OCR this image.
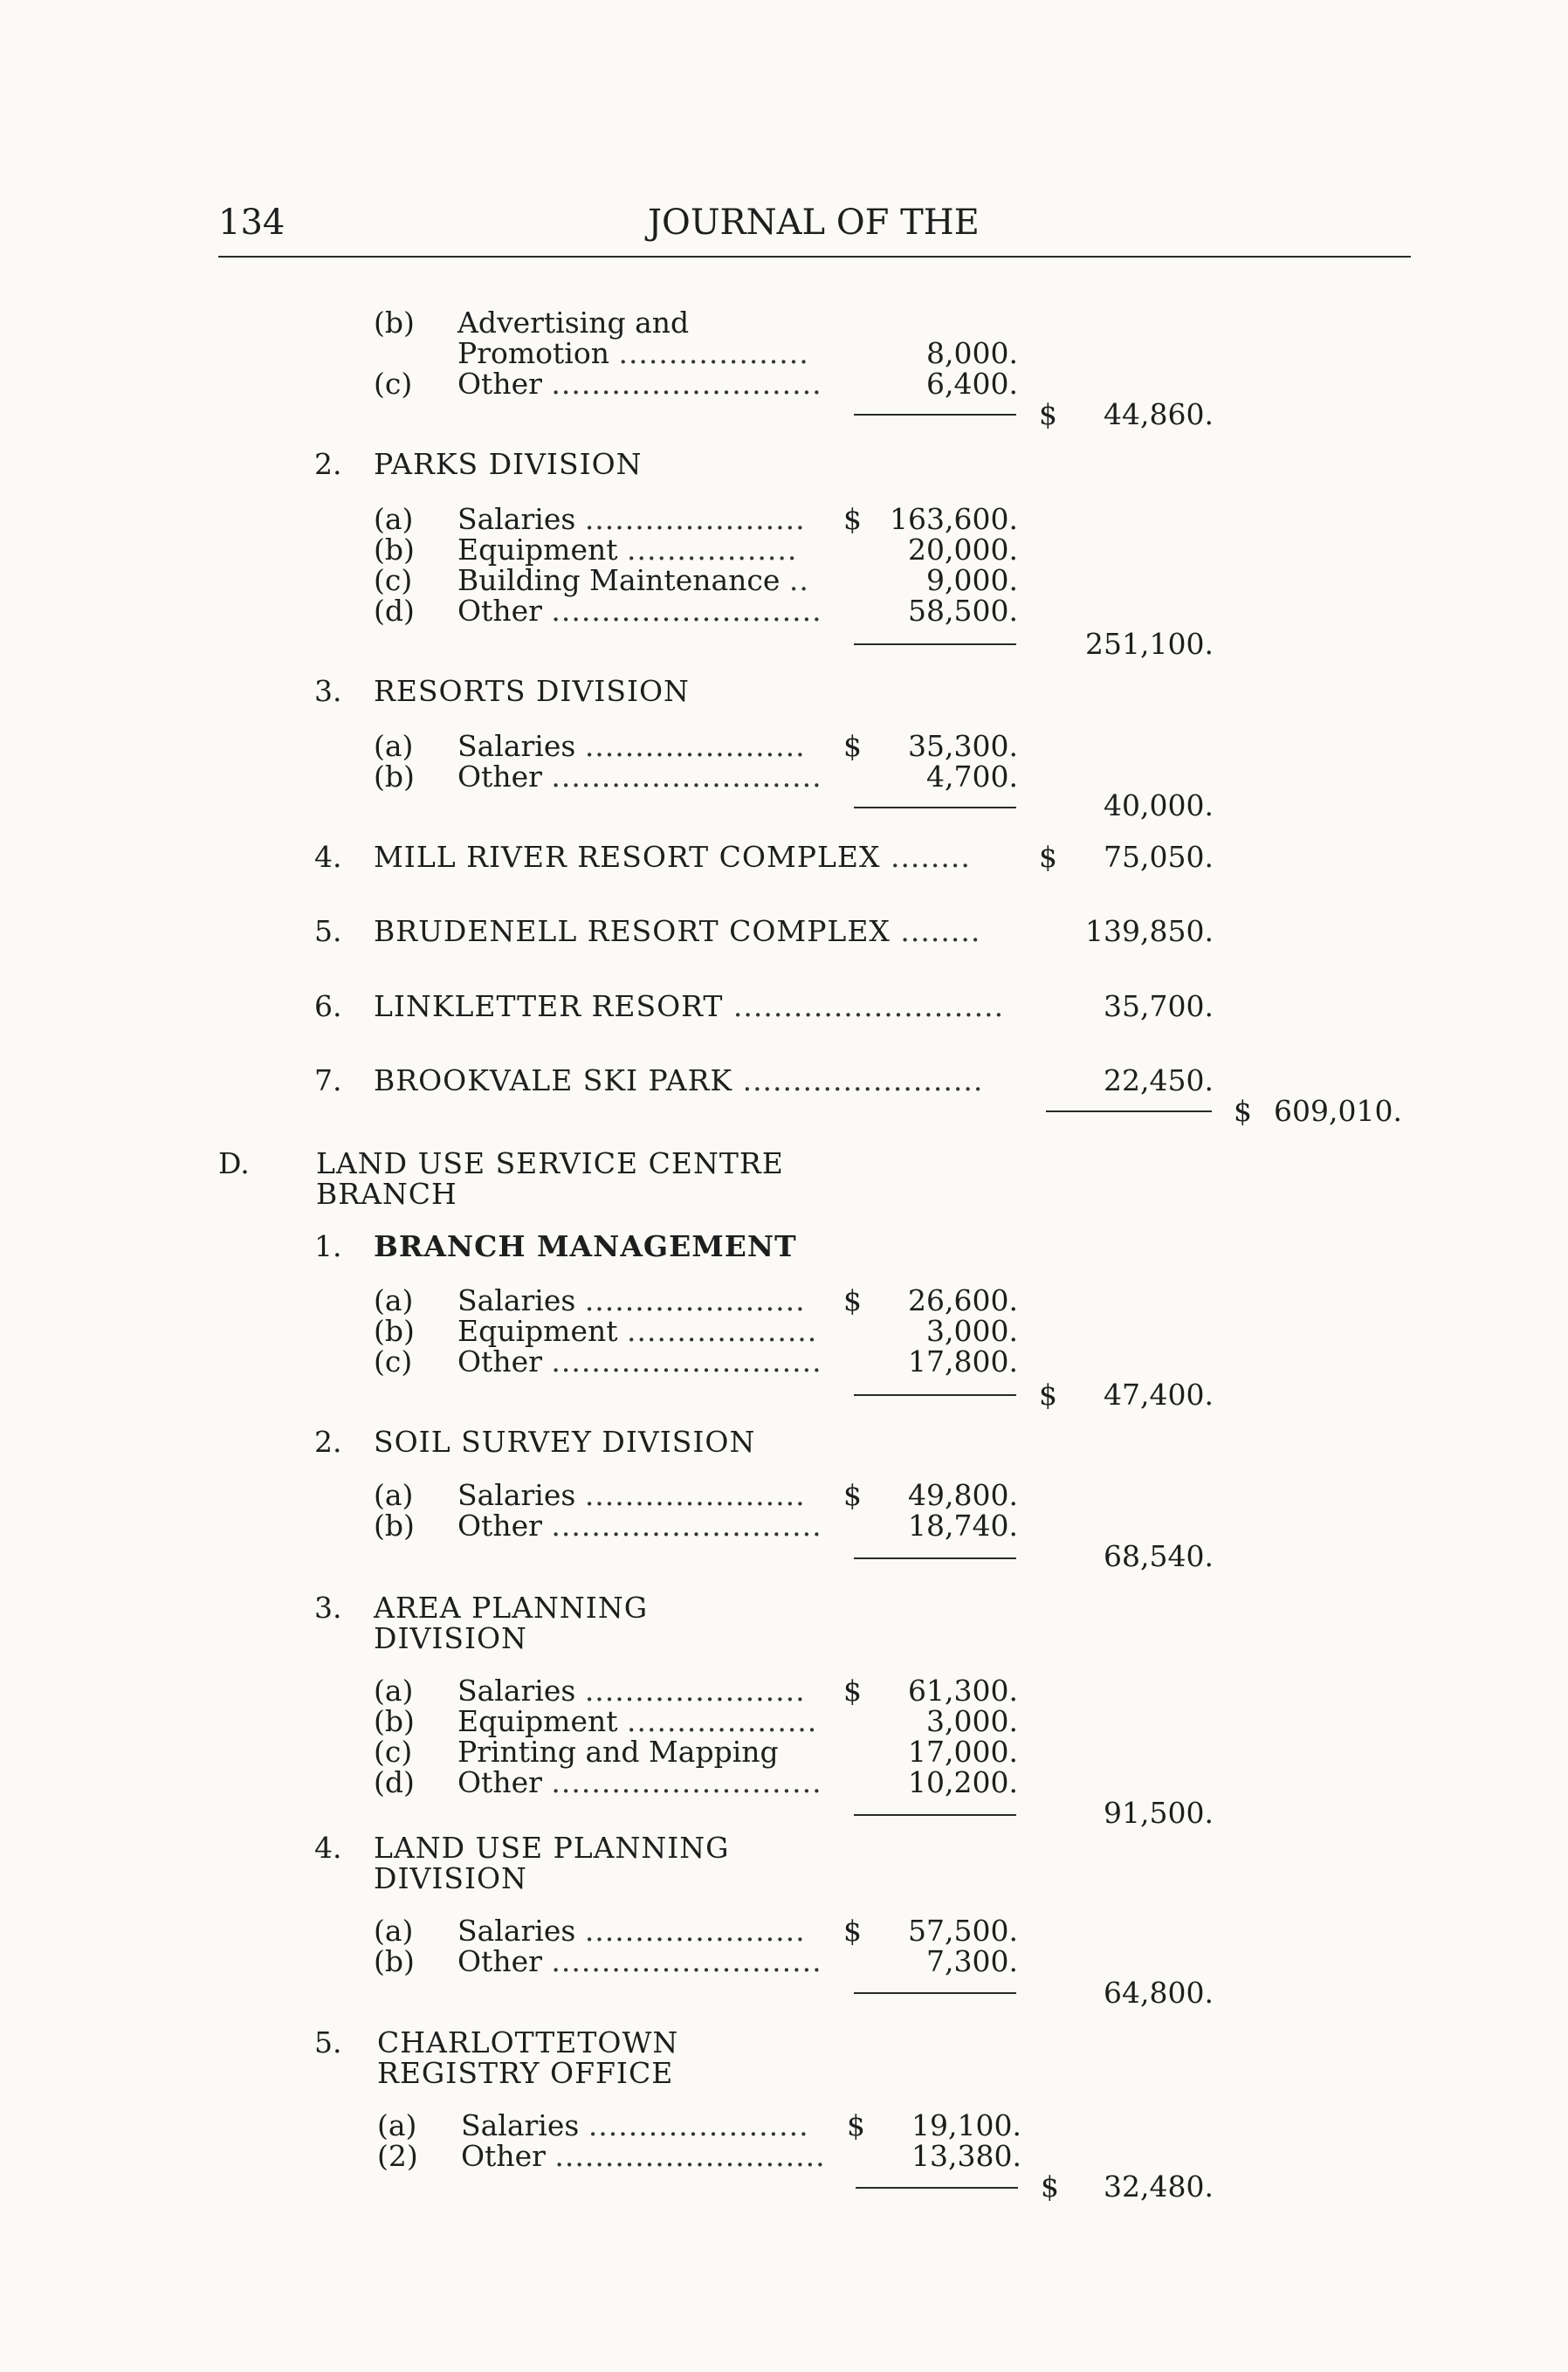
134	JOURNAL OF THE
(b) Advertising and
Promotion ...................	8,000.
(c) Other ...........................	6,400.
$	44,860.
2. PARKS DIVISION
(a) Salaries ...................... $ 163,600.
(b) Equipment .................	20,000.
(c) Building Maintenance ..	9,000.
(d) Other ...........................	58,500.
251,100.
3. RESORTS DIVISION
(a) Salaries ...................... $	35,300.
(b) Other ...........................	4,700.
40,000.
4. MILL RIVER RESORT COMPLEX ........ $	75,050.
5. BRUDENELL RESORT COMPLEX ........	139,850.
6. LINKLETTER RESORT ...........................	35,700.
7. BROOKVALE SKI PARK ........................	22,450.
$ 609,010.
D. LAND USE SERVICE CENTRE
BRANCH
1. BRANCH MANAGEMENT
(a) Salaries ...................... $	26,600.
(b) Equipment ...................	3,000.
(c) Other ...........................	17,800.
$	47,400.
2. SOIL SURVEY DIVISION
(a) Salaries ...................... $	49,800.
(b) Other ...........................	18,740.
68,540.
3. AREA PLANNING
DIVISION
(a) Salaries ...................... $	61,300.
(b) Equipment ...................	3,000.
(c) Printing and Mapping	17,000.
(d) Other ...........................	10,200.
91,500.
4. LAND USE PLANNING
DIVISION
(a) Salaries ...................... $	57,500.
(b) Other ...........................	7,300.
64,800.
5. CHARLOTTETOWN
REGISTRY OFFICE
(a) Salaries ...................... $	19,100.
(2) Other ...........................	13,380.
$	32,480.
